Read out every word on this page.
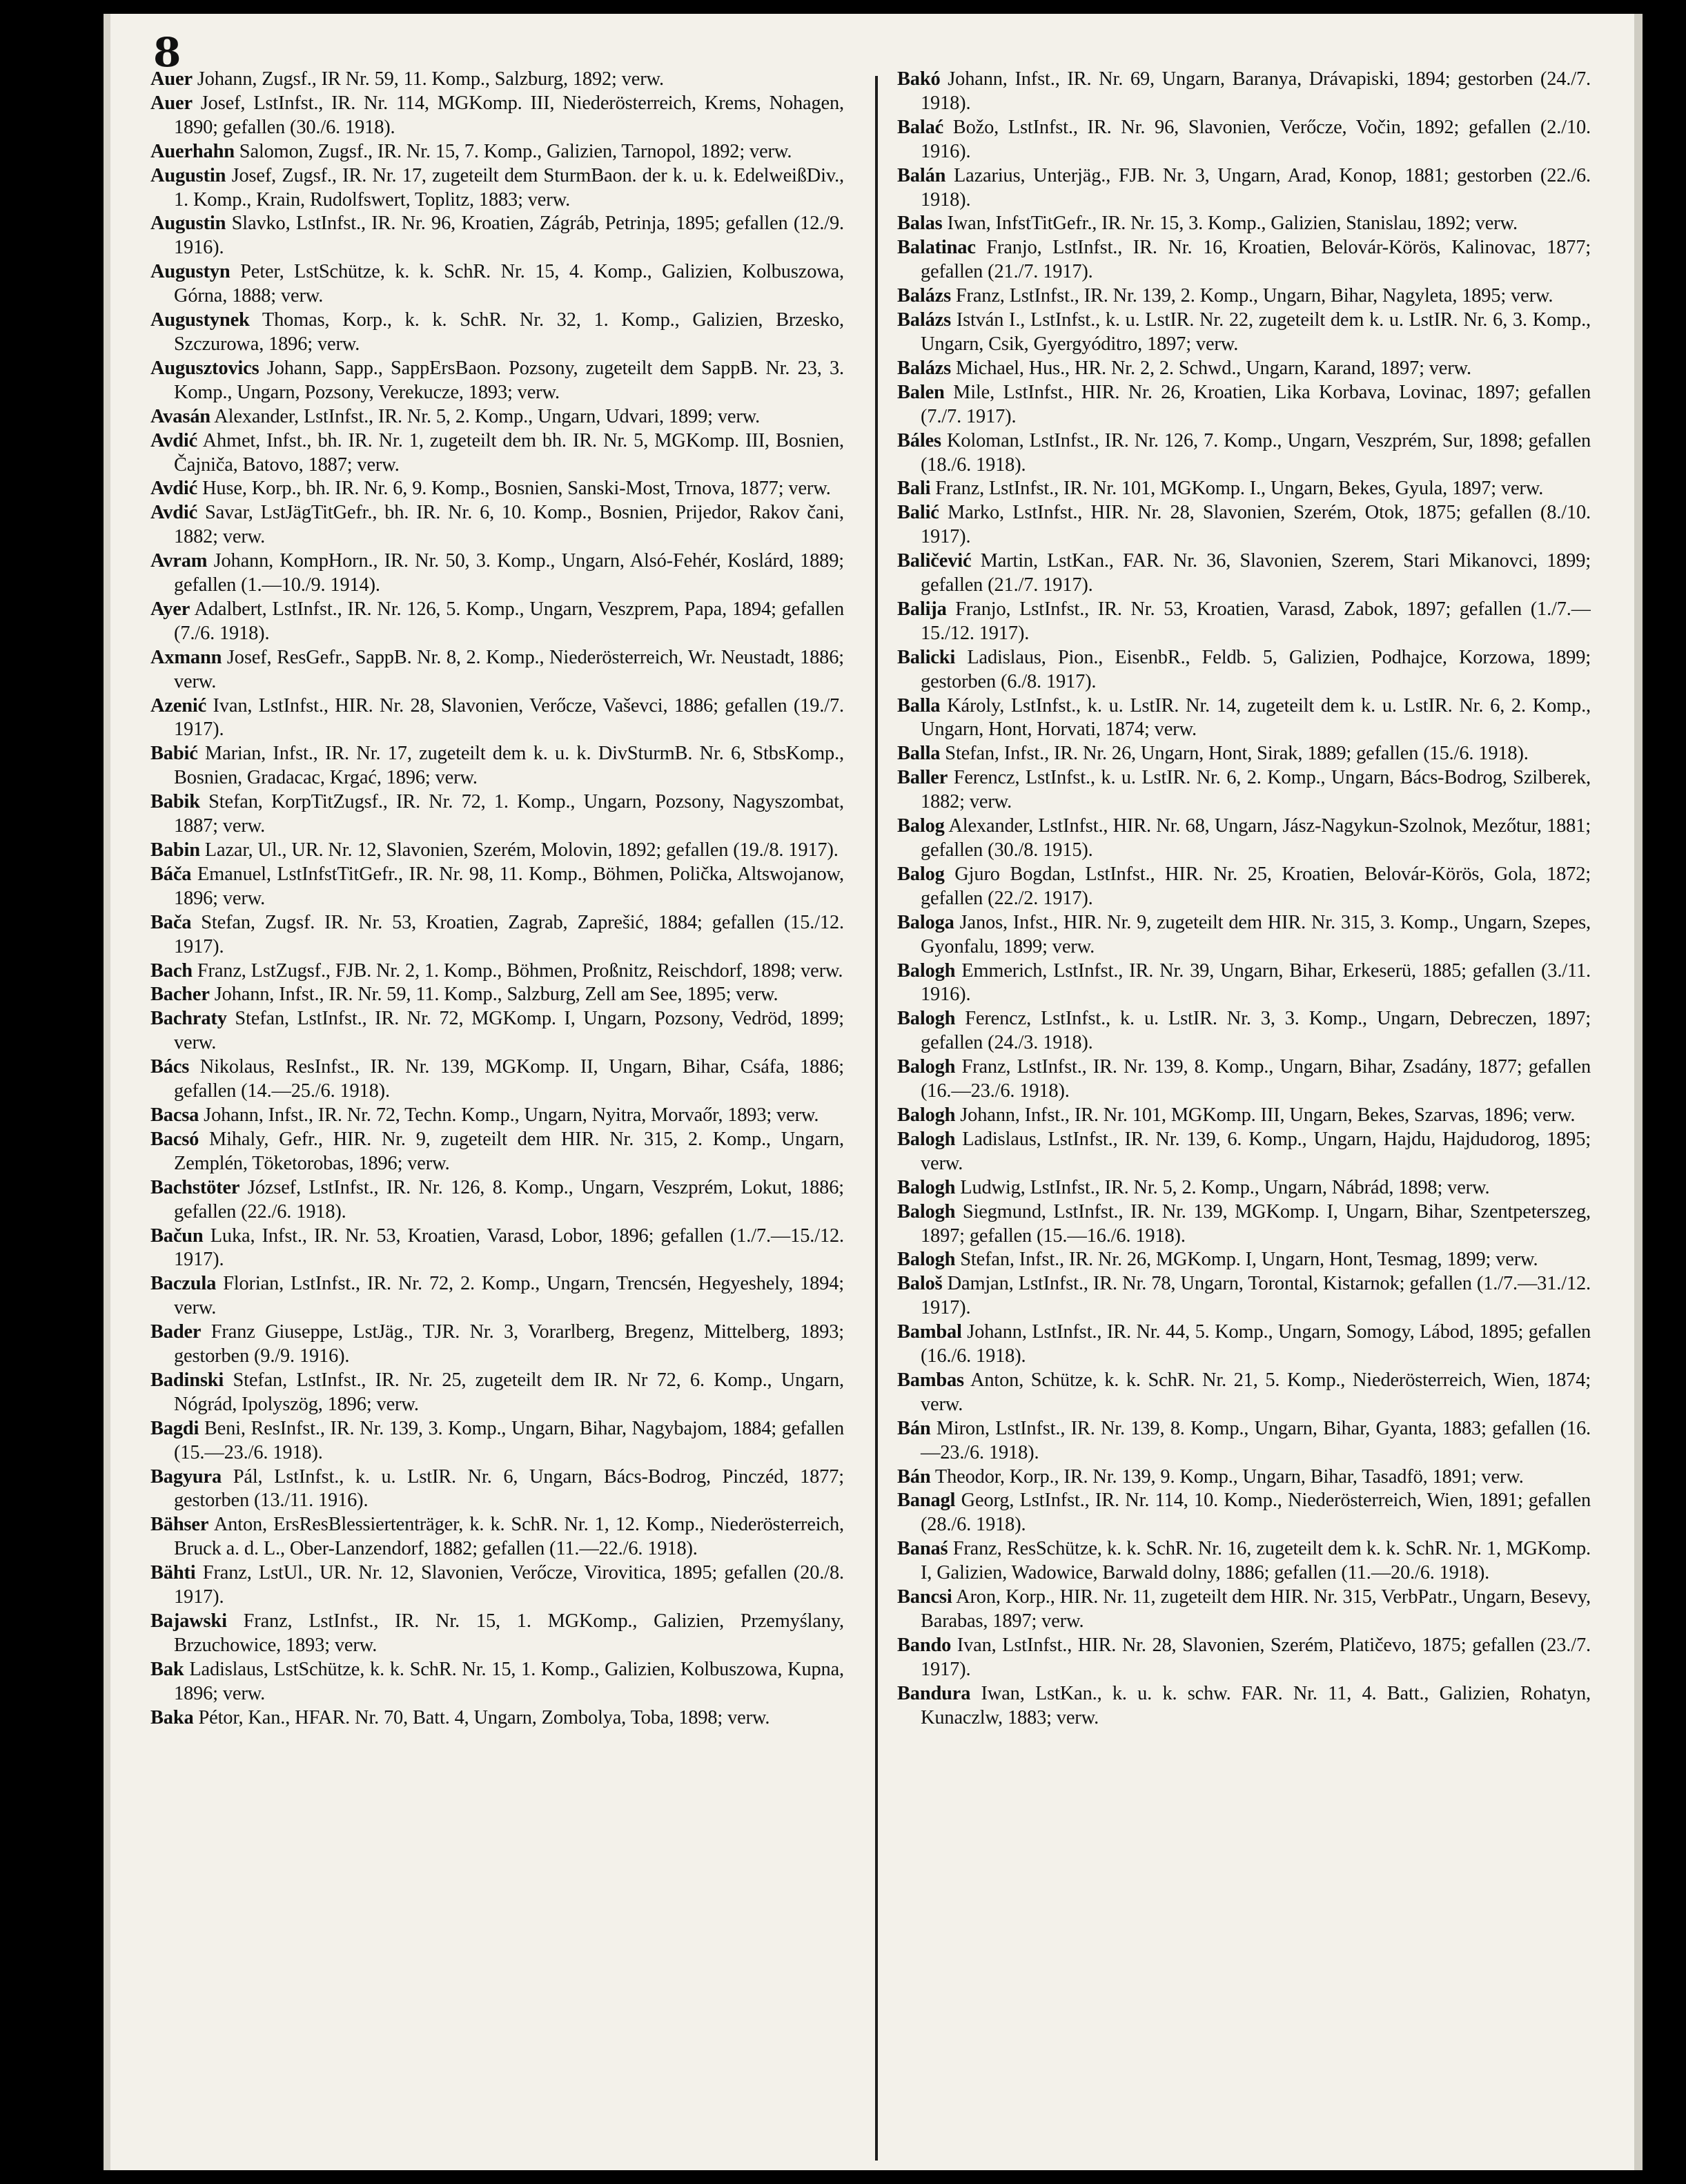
8

Auer Johann, Zugsf., IR Nr. 59, 11. Komp., Salzburg, 1892; verw.

Auer Josef, LstInfst., IR. Nr. 114, MGKomp. III, Niederösterreich, Krems, Nohagen, 1890; gefallen (30./6. 1918).

Auerhahn Salomon, Zugsf., IR. Nr. 15, 7. Komp., Galizien, Tarnopol, 1892; verw.

Augustin Josef, Zugsf., IR. Nr. 17, zugeteilt dem SturmBaon. der k. u. k. EdelweißDiv., 1. Komp., Krain, Rudolfswert, Toplitz, 1883; verw.

Augustin Slavko, LstInfst., IR. Nr. 96, Kroatien, Zágráb, Petrinja, 1895; gefallen (12./9. 1916).

Augustyn Peter, LstSchütze, k. k. SchR. Nr. 15, 4. Komp., Galizien, Kolbuszowa, Górna, 1888; verw.

Augustynek Thomas, Korp., k. k. SchR. Nr. 32, 1. Komp., Galizien, Brzesko, Szczurowa, 1896; verw.

Augusztovics Johann, Sapp., SappErsBaon. Pozsony, zugeteilt dem SappB. Nr. 23, 3. Komp., Ungarn, Pozsony, Verekucze, 1893; verw.

Avasán Alexander, LstInfst., IR. Nr. 5, 2. Komp., Ungarn, Udvari, 1899; verw.

Avdić Ahmet, Infst., bh. IR. Nr. 1, zugeteilt dem bh. IR. Nr. 5, MGKomp. III, Bosnien, Čajniča, Batovo, 1887; verw.

Avdić Huse, Korp., bh. IR. Nr. 6, 9. Komp., Bosnien, Sanski-Most, Trnova, 1877; verw.

Avdić Savar, LstJägTitGefr., bh. IR. Nr. 6, 10. Komp., Bosnien, Prijedor, Rakov čani, 1882; verw.

Avram Johann, KompHorn., IR. Nr. 50, 3. Komp., Ungarn, Alsó-Fehér, Koslárd, 1889; gefallen (1.—10./9. 1914).

Ayer Adalbert, LstInfst., IR. Nr. 126, 5. Komp., Ungarn, Veszprem, Papa, 1894; gefallen (7./6. 1918).

Axmann Josef, ResGefr., SappB. Nr. 8, 2. Komp., Niederösterreich, Wr. Neustadt, 1886; verw.

Azenić Ivan, LstInfst., HIR. Nr. 28, Slavonien, Verőcze, Vaševci, 1886; gefallen (19./7. 1917).

Babić Marian, Infst., IR. Nr. 17, zugeteilt dem k. u. k. DivSturmB. Nr. 6, StbsKomp., Bosnien, Gradacac, Krgać, 1896; verw.

Babik Stefan, KorpTitZugsf., IR. Nr. 72, 1. Komp., Ungarn, Pozsony, Nagyszombat, 1887; verw.

Babin Lazar, Ul., UR. Nr. 12, Slavonien, Szerém, Molovin, 1892; gefallen (19./8. 1917).

Báča Emanuel, LstInfstTitGefr., IR. Nr. 98, 11. Komp., Böhmen, Polička, Altswojanow, 1896; verw.

Bača Stefan, Zugsf. IR. Nr. 53, Kroatien, Zagrab, Zaprešić, 1884; gefallen (15./12. 1917).

Bach Franz, LstZugsf., FJB. Nr. 2, 1. Komp., Böhmen, Proßnitz, Reischdorf, 1898; verw.

Bacher Johann, Infst., IR. Nr. 59, 11. Komp., Salzburg, Zell am See, 1895; verw.

Bachraty Stefan, LstInfst., IR. Nr. 72, MGKomp. I, Ungarn, Pozsony, Vedröd, 1899; verw.

Bács Nikolaus, ResInfst., IR. Nr. 139, MGKomp. II, Ungarn, Bihar, Csáfa, 1886; gefallen (14.—25./6. 1918).

Bacsa Johann, Infst., IR. Nr. 72, Techn. Komp., Ungarn, Nyitra, Morvaőr, 1893; verw.

Bacsó Mihaly, Gefr., HIR. Nr. 9, zugeteilt dem HIR. Nr. 315, 2. Komp., Ungarn, Zemplén, Töketorobas, 1896; verw.

Bachstöter József, LstInfst., IR. Nr. 126, 8. Komp., Ungarn, Veszprém, Lokut, 1886; gefallen (22./6. 1918).

Bačun Luka, Infst., IR. Nr. 53, Kroatien, Varasd, Lobor, 1896; gefallen (1./7.—15./12. 1917).

Baczula Florian, LstInfst., IR. Nr. 72, 2. Komp., Ungarn, Trencsén, Hegyeshely, 1894; verw.

Bader Franz Giuseppe, LstJäg., TJR. Nr. 3, Vorarlberg, Bregenz, Mittelberg, 1893; gestorben (9./9. 1916).

Badinski Stefan, LstInfst., IR. Nr. 25, zugeteilt dem IR. Nr 72, 6. Komp., Ungarn, Nógrád, Ipolyszög, 1896; verw.

Bagdi Beni, ResInfst., IR. Nr. 139, 3. Komp., Ungarn, Bihar, Nagybajom, 1884; gefallen (15.—23./6. 1918).

Bagyura Pál, LstInfst., k. u. LstIR. Nr. 6, Ungarn, Bács-Bodrog, Pinczéd, 1877; gestorben (13./11. 1916).

Bähser Anton, ErsResBlessiertenträger, k. k. SchR. Nr. 1, 12. Komp., Niederösterreich, Bruck a. d. L., Ober-Lanzendorf, 1882; gefallen (11.—22./6. 1918).

Bähti Franz, LstUl., UR. Nr. 12, Slavonien, Verőcze, Virovitica, 1895; gefallen (20./8. 1917).

Bajawski Franz, LstInfst., IR. Nr. 15, 1. MGKomp., Galizien, Przemyślany, Brzuchowice, 1893; verw.

Bak Ladislaus, LstSchütze, k. k. SchR. Nr. 15, 1. Komp., Galizien, Kolbuszowa, Kupna, 1896; verw.

Baka Pétor, Kan., HFAR. Nr. 70, Batt. 4, Ungarn, Zombolya, Toba, 1898; verw.

Bakó Johann, Infst., IR. Nr. 69, Ungarn, Baranya, Drávapiski, 1894; gestorben (24./7. 1918).

Balać Božo, LstInfst., IR. Nr. 96, Slavonien, Verőcze, Vočin, 1892; gefallen (2./10. 1916).

Balán Lazarius, Unterjäg., FJB. Nr. 3, Ungarn, Arad, Konop, 1881; gestorben (22./6. 1918).

Balas Iwan, InfstTitGefr., IR. Nr. 15, 3. Komp., Galizien, Stanislau, 1892; verw.

Balatinac Franjo, LstInfst., IR. Nr. 16, Kroatien, Belovár-Körös, Kalinovac, 1877; gefallen (21./7. 1917).

Balázs Franz, LstInfst., IR. Nr. 139, 2. Komp., Ungarn, Bihar, Nagyleta, 1895; verw.

Balázs István I., LstInfst., k. u. LstIR. Nr. 22, zugeteilt dem k. u. LstIR. Nr. 6, 3. Komp., Ungarn, Csik, Gyergyóditro, 1897; verw.

Balázs Michael, Hus., HR. Nr. 2, 2. Schwd., Ungarn, Karand, 1897; verw.

Balen Mile, LstInfst., HIR. Nr. 26, Kroatien, Lika Korbava, Lovinac, 1897; gefallen (7./7. 1917).

Báles Koloman, LstInfst., IR. Nr. 126, 7. Komp., Ungarn, Veszprém, Sur, 1898; gefallen (18./6. 1918).

Bali Franz, LstInfst., IR. Nr. 101, MGKomp. I., Ungarn, Bekes, Gyula, 1897; verw.

Balić Marko, LstInfst., HIR. Nr. 28, Slavonien, Szerém, Otok, 1875; gefallen (8./10. 1917).

Baličević Martin, LstKan., FAR. Nr. 36, Slavonien, Szerem, Stari Mikanovci, 1899; gefallen (21./7. 1917).

Balija Franjo, LstInfst., IR. Nr. 53, Kroatien, Varasd, Zabok, 1897; gefallen (1./7.—15./12. 1917).

Balicki Ladislaus, Pion., EisenbR., Feldb. 5, Galizien, Podhajce, Korzowa, 1899; gestorben (6./8. 1917).

Balla Károly, LstInfst., k. u. LstIR. Nr. 14, zugeteilt dem k. u. LstIR. Nr. 6, 2. Komp., Ungarn, Hont, Horvati, 1874; verw.

Balla Stefan, Infst., IR. Nr. 26, Ungarn, Hont, Sirak, 1889; gefallen (15./6. 1918).

Baller Ferencz, LstInfst., k. u. LstIR. Nr. 6, 2. Komp., Ungarn, Bács-Bodrog, Szilberek, 1882; verw.

Balog Alexander, LstInfst., HIR. Nr. 68, Ungarn, Jász-Nagykun-Szolnok, Mezőtur, 1881; gefallen (30./8. 1915).

Balog Gjuro Bogdan, LstInfst., HIR. Nr. 25, Kroatien, Belovár-Körös, Gola, 1872; gefallen (22./2. 1917).

Baloga Janos, Infst., HIR. Nr. 9, zugeteilt dem HIR. Nr. 315, 3. Komp., Ungarn, Szepes, Gyonfalu, 1899; verw.

Balogh Emmerich, LstInfst., IR. Nr. 39, Ungarn, Bihar, Erkeserü, 1885; gefallen (3./11. 1916).

Balogh Ferencz, LstInfst., k. u. LstIR. Nr. 3, 3. Komp., Ungarn, Debreczen, 1897; gefallen (24./3. 1918).

Balogh Franz, LstInfst., IR. Nr. 139, 8. Komp., Ungarn, Bihar, Zsadány, 1877; gefallen (16.—23./6. 1918).

Balogh Johann, Infst., IR. Nr. 101, MGKomp. III, Ungarn, Bekes, Szarvas, 1896; verw.

Balogh Ladislaus, LstInfst., IR. Nr. 139, 6. Komp., Ungarn, Hajdu, Hajdudorog, 1895; verw.

Balogh Ludwig, LstInfst., IR. Nr. 5, 2. Komp., Ungarn, Nábrád, 1898; verw.

Balogh Siegmund, LstInfst., IR. Nr. 139, MGKomp. I, Ungarn, Bihar, Szentpeterszeg, 1897; gefallen (15.—16./6. 1918).

Balogh Stefan, Infst., IR. Nr. 26, MGKomp. I, Ungarn, Hont, Tesmag, 1899; verw.

Baloš Damjan, LstInfst., IR. Nr. 78, Ungarn, Torontal, Kistarnok; gefallen (1./7.—31./12. 1917).

Bambal Johann, LstInfst., IR. Nr. 44, 5. Komp., Ungarn, Somogy, Lábod, 1895; gefallen (16./6. 1918).

Bambas Anton, Schütze, k. k. SchR. Nr. 21, 5. Komp., Niederösterreich, Wien, 1874; verw.

Bán Miron, LstInfst., IR. Nr. 139, 8. Komp., Ungarn, Bihar, Gyanta, 1883; gefallen (16.—23./6. 1918).

Bán Theodor, Korp., IR. Nr. 139, 9. Komp., Ungarn, Bihar, Tasadfö, 1891; verw.

Banagl Georg, LstInfst., IR. Nr. 114, 10. Komp., Niederösterreich, Wien, 1891; gefallen (28./6. 1918).

Banaś Franz, ResSchütze, k. k. SchR. Nr. 16, zugeteilt dem k. k. SchR. Nr. 1, MGKomp. I, Galizien, Wadowice, Barwald dolny, 1886; gefallen (11.—20./6. 1918).

Bancsi Aron, Korp., HIR. Nr. 11, zugeteilt dem HIR. Nr. 315, VerbPatr., Ungarn, Besevy, Barabas, 1897; verw.

Bando Ivan, LstInfst., HIR. Nr. 28, Slavonien, Szerém, Platičevo, 1875; gefallen (23./7. 1917).

Bandura Iwan, LstKan., k. u. k. schw. FAR. Nr. 11, 4. Batt., Galizien, Rohatyn, Kunaczlw, 1883; verw.
